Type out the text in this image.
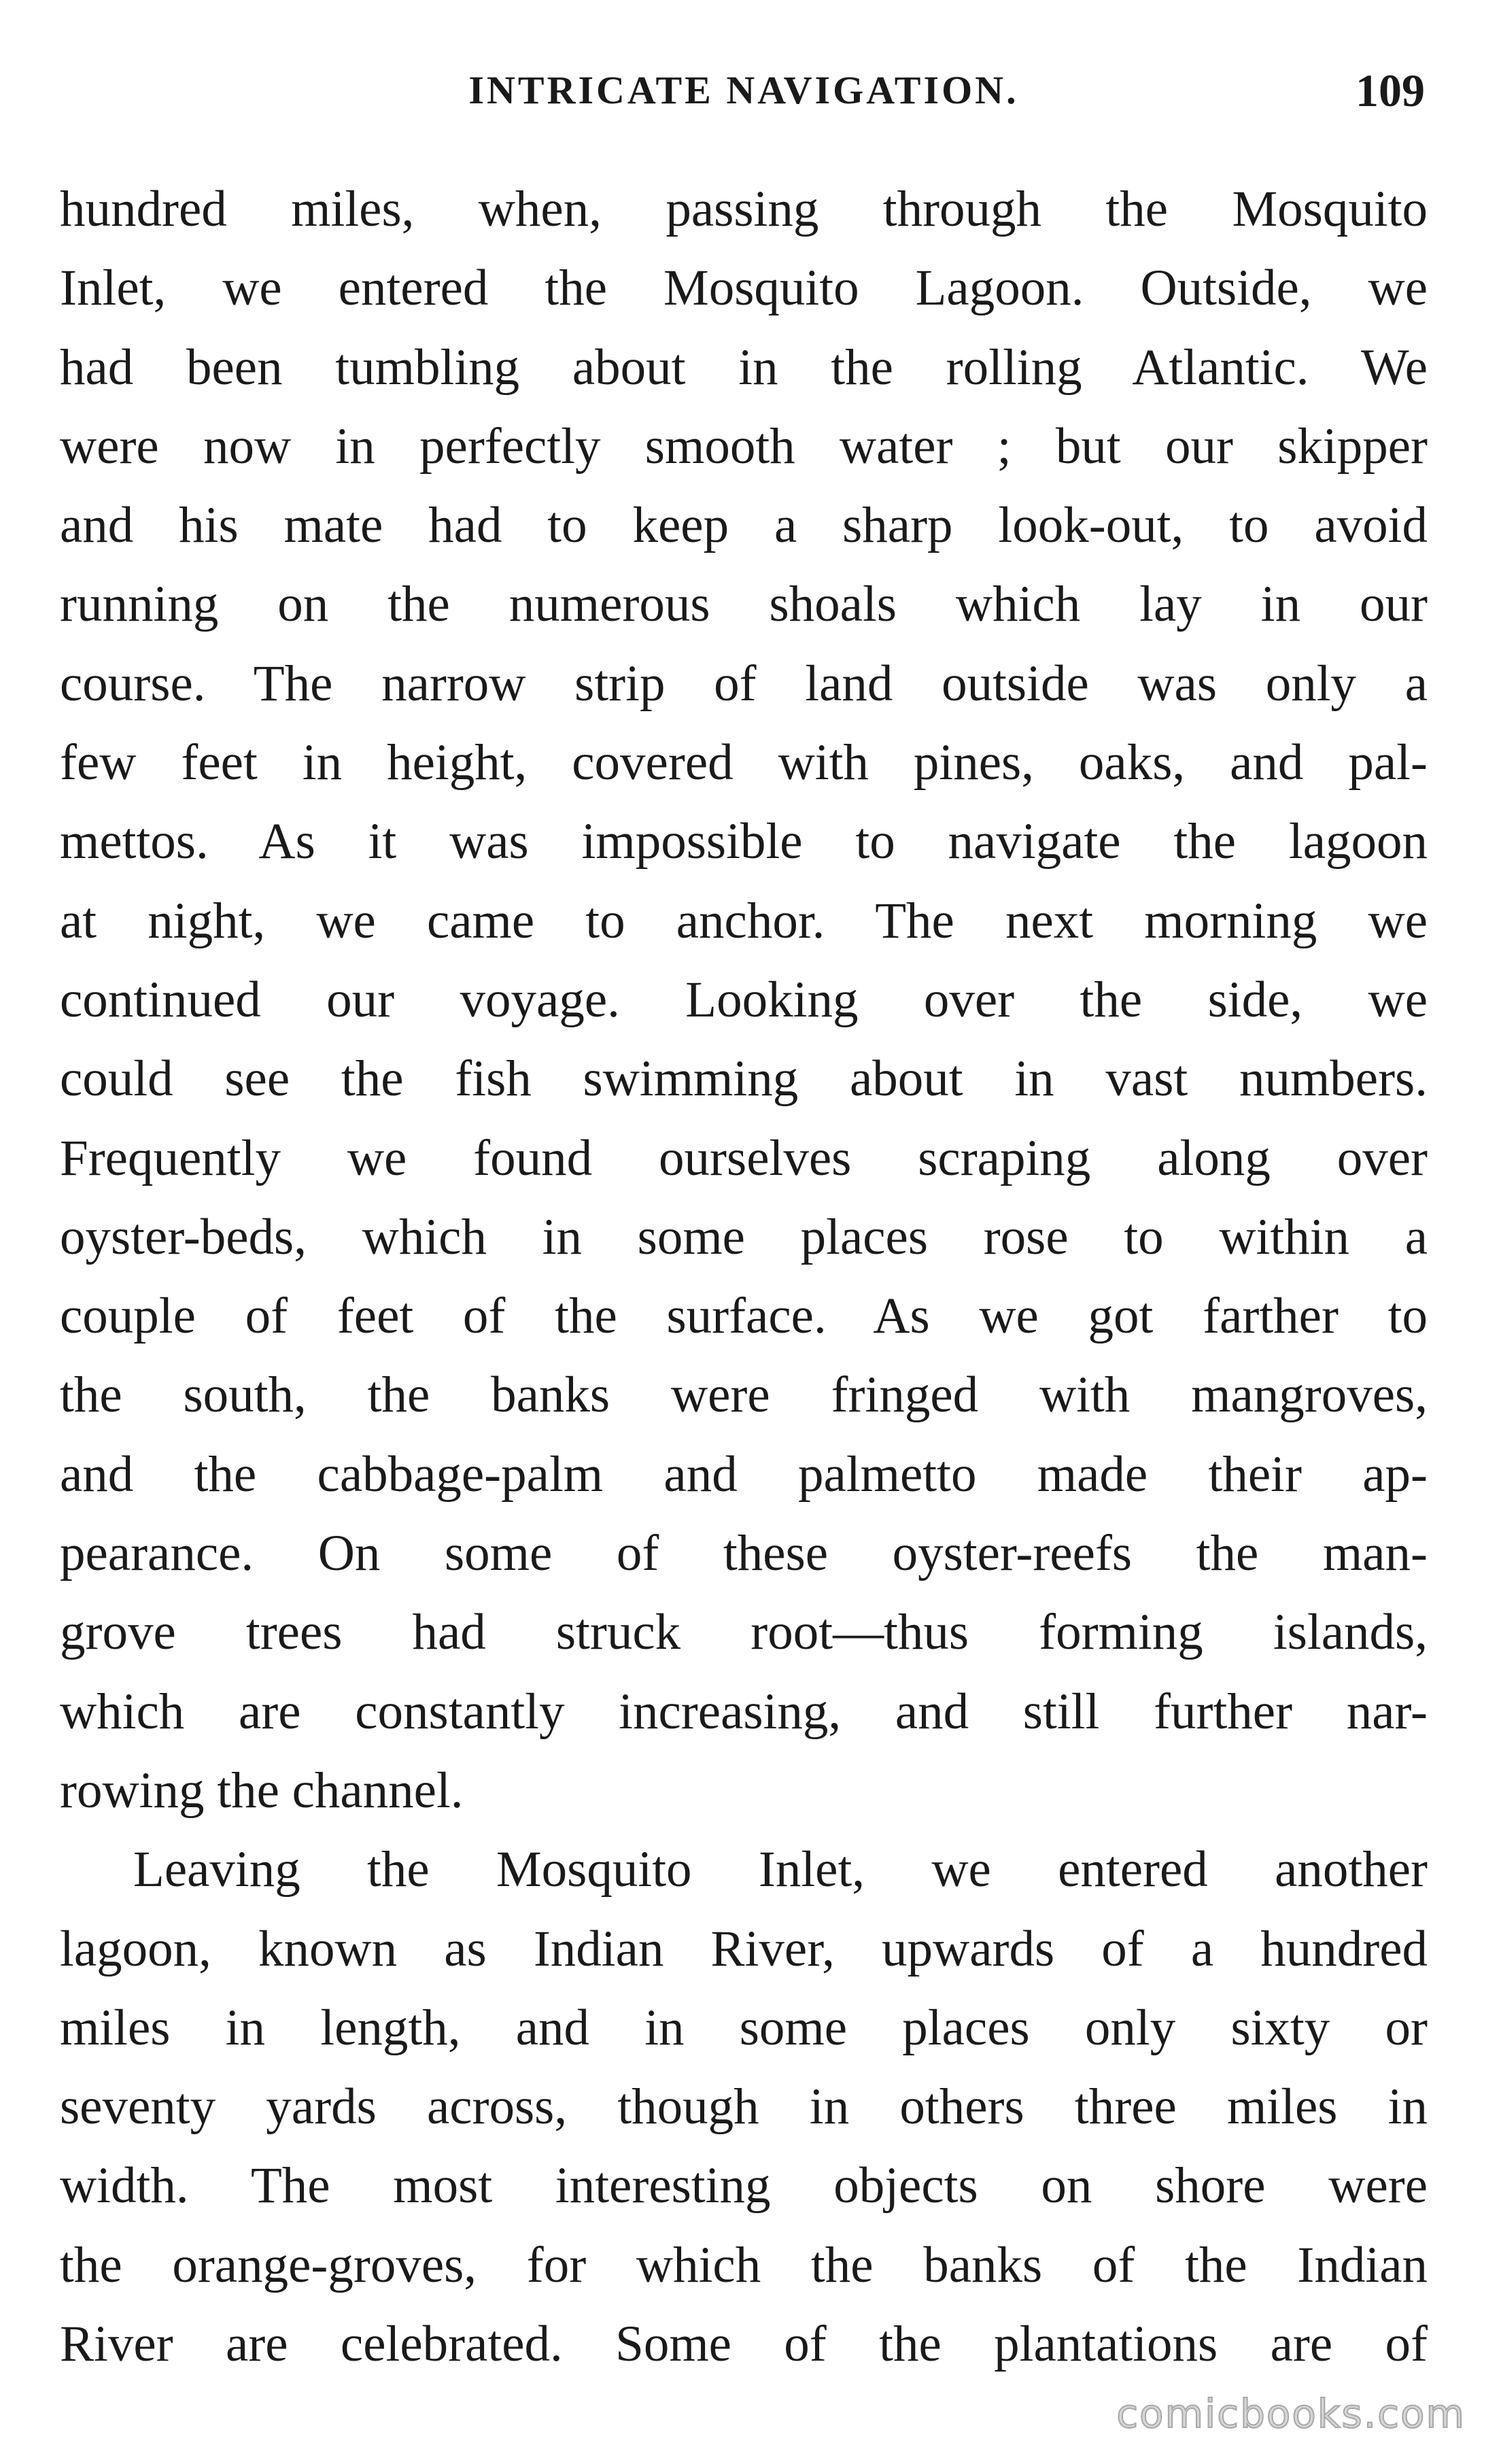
INTRICATE NAVIGATION.	109
hundred miles, when, passing through the Mosquito
Inlet, we entered the Mosquito Lagoon. Outside, we
had been tumbling about in the rolling Atlantic. We
were now in perfectly smooth water ; but our skipper
and his mate had to keep a sharp look-out, to avoid
running on the numerous shoals which lay in our
course. The narrow strip of land outside was only a
few feet in height, covered with pines, oaks, and pal-
mettos. As it was impossible to navigate the lagoon
at night, we came to anchor. The next morning we
continued our voyage. Looking over the side, we
could see the fish swimming about in vast numbers.
Frequently we found ourselves scraping along over
oyster-beds, which in some places rose to within a
couple of feet of the surface. As we got farther to
the south, the banks were fringed with mangroves,
and the cabbage-palm and palmetto made their ap-
pearance. On some of these oyster-reefs the man-
grove trees had struck root—thus forming islands,
which are constantly increasing, and still further nar-
rowing the channel.
Leaving the Mosquito Inlet, we entered another
lagoon, known as Indian River, upwards of a hundred
miles in length, and in some places only sixty or
seventy yards across, though in others three miles in
width. The most interesting objects on shore were
the orange-groves, for which the banks of the Indian
River are celebrated. Some of the plantations are of
comicbooks.com
